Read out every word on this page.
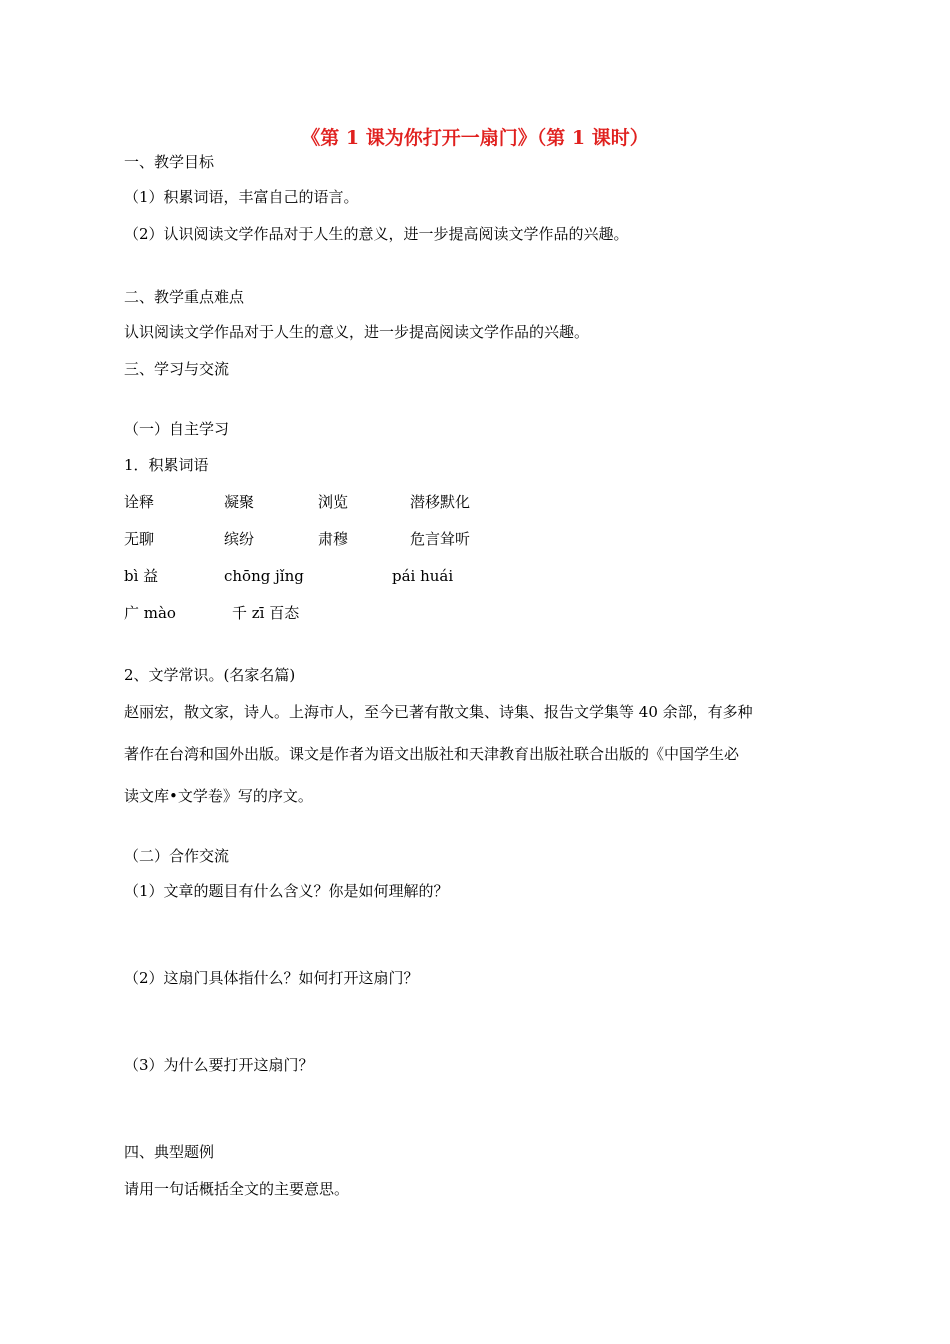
《第 1 课为你打开一扇门》（第 1 课时）
一、教学目标
（1）积累词语，丰富自己的语言。
（2）认识阅读文学作品对于人生的意义，进一步提高阅读文学作品的兴趣。
二、教学重点难点
认识阅读文学作品对于人生的意义，进一步提高阅读文学作品的兴趣。
三、学习与交流
（一）自主学习
1．积累词语
诠释	凝聚	浏览	潜移默化
无聊	缤纷	肃穆	危言耸听
bì 益	chōng jǐng	pái huái
广 mào	千 zī 百态
2、文学常识。(名家名篇)
赵丽宏，散文家，诗人。上海市人，至今已著有散文集、诗集、报告文学集等 40 余部，有多种
著作在台湾和国外出版。课文是作者为语文出版社和天津教育出版社联合出版的《中国学生必
读文库•文学卷》写的序文。
（二）合作交流
（1）文章的题目有什么含义？你是如何理解的？
（2）这扇门具体指什么？如何打开这扇门？
（3）为什么要打开这扇门？
四、典型题例
请用一句话概括全文的主要意思。
